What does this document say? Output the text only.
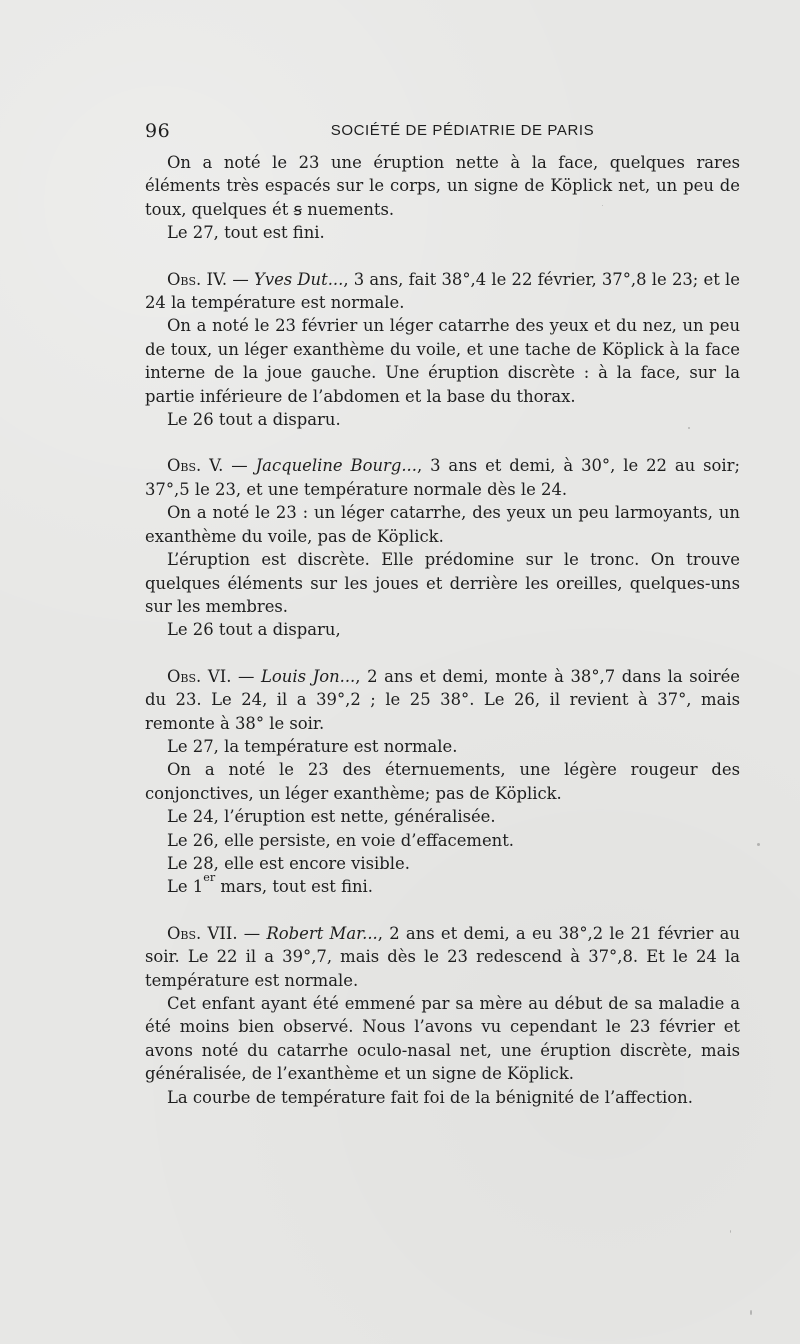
96	SOCIÉTÉ DE PÉDIATRIE DE PARIS

On a noté le 23 une éruption nette à la face, quelques rares éléments très espacés sur le corps, un signe de Köplick net, un peu de toux, quelques ét ꞩ nuements.

Le 27, tout est fini.

Obs. IV. — Yves Dut..., 3 ans, fait 38°,4 le 22 février, 37°,8 le 23; et le 24 la température est normale.

On a noté le 23 février un léger catarrhe des yeux et du nez, un peu de toux, un léger exanthème du voile, et une tache de Köplick à la face interne de la joue gauche. Une éruption discrète : à la face, sur la partie inférieure de l’abdomen et la base du thorax.

Le 26 tout a disparu.

Obs. V. — Jacqueline Bourg..., 3 ans et demi, à 30°, le 22 au soir; 37°,5 le 23, et une température normale dès le 24.

On a noté le 23 : un léger catarrhe, des yeux un peu larmoyants, un exanthème du voile, pas de Köplick.

L’éruption est discrète. Elle prédomine sur le tronc. On trouve quelques éléments sur les joues et derrière les oreilles, quelques-uns sur les membres.

Le 26 tout a disparu,

Obs. VI. — Louis Jon..., 2 ans et demi, monte à 38°,7 dans la soirée du 23. Le 24, il a 39°,2 ; le 25 38°. Le 26, il revient à 37°, mais remonte à 38° le soir.

Le 27, la température est normale.

On a noté le 23 des éternuements, une légère rougeur des conjonctives, un léger exanthème; pas de Köplick.

Le 24, l’éruption est nette, généralisée.

Le 26, elle persiste, en voie d’effacement.

Le 28, elle est encore visible.

Le 1er mars, tout est fini.

Obs. VII. — Robert Mar..., 2 ans et demi, a eu 38°,2 le 21 février au soir. Le 22 il a 39°,7, mais dès le 23 redescend à 37°,8. Et le 24 la température est normale.

Cet enfant ayant été emmené par sa mère au début de sa maladie a été moins bien observé. Nous l’avons vu cependant le 23 février et avons noté du catarrhe oculo-nasal net, une éruption discrète, mais généralisée, de l’exanthème et un signe de Köplick.

La courbe de température fait foi de la bénignité de l’affection.
